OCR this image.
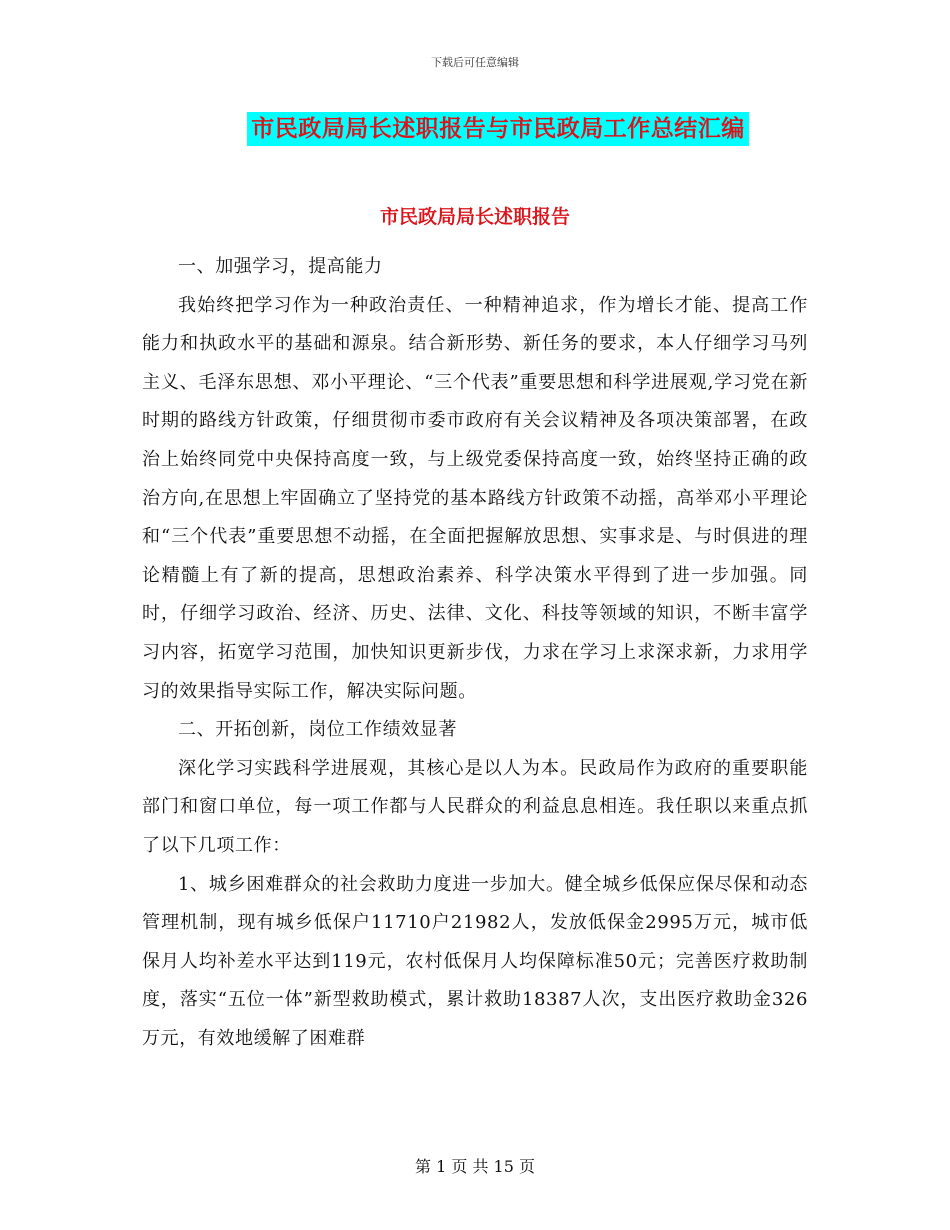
下载后可任意编辑
市民政局局长述职报告与市民政局工作总结汇编
市民政局局长述职报告

一、加强学习，提高能力

我始终把学习作为一种政治责任、一种精神追求，作为增长才能、提高工作能力和执政水平的基础和源泉。结合新形势、新任务的要求，本人仔细学习马列主义、毛泽东思想、邓小平理论、“三个代表”重要思想和科学进展观,学习党在新时期的路线方针政策，仔细贯彻市委市政府有关会议精神及各项决策部署，在政治上始终同党中央保持高度一致，与上级党委保持高度一致，始终坚持正确的政治方向,在思想上牢固确立了坚持党的基本路线方针政策不动摇，高举邓小平理论和“三个代表”重要思想不动摇，在全面把握解放思想、实事求是、与时俱进的理论精髓上有了新的提高，思想政治素养、科学决策水平得到了进一步加强。同时，仔细学习政治、经济、历史、法律、文化、科技等领域的知识，不断丰富学习内容，拓宽学习范围，加快知识更新步伐，力求在学习上求深求新，力求用学习的效果指导实际工作，解决实际问题。

二、开拓创新，岗位工作绩效显著

深化学习实践科学进展观，其核心是以人为本。民政局作为政府的重要职能部门和窗口单位，每一项工作都与人民群众的利益息息相连。我任职以来重点抓了以下几项工作：

1、城乡困难群众的社会救助力度进一步加大。健全城乡低保应保尽保和动态管理机制，现有城乡低保户11710户21982人，发放低保金2995万元，城市低保月人均补差水平达到119元，农村低保月人均保障标准50元；完善医疗救助制度，落实“五位一体”新型救助模式，累计救助18387人次，支出医疗救助金326万元，有效地缓解了困难群

第 1 页 共 15 页
